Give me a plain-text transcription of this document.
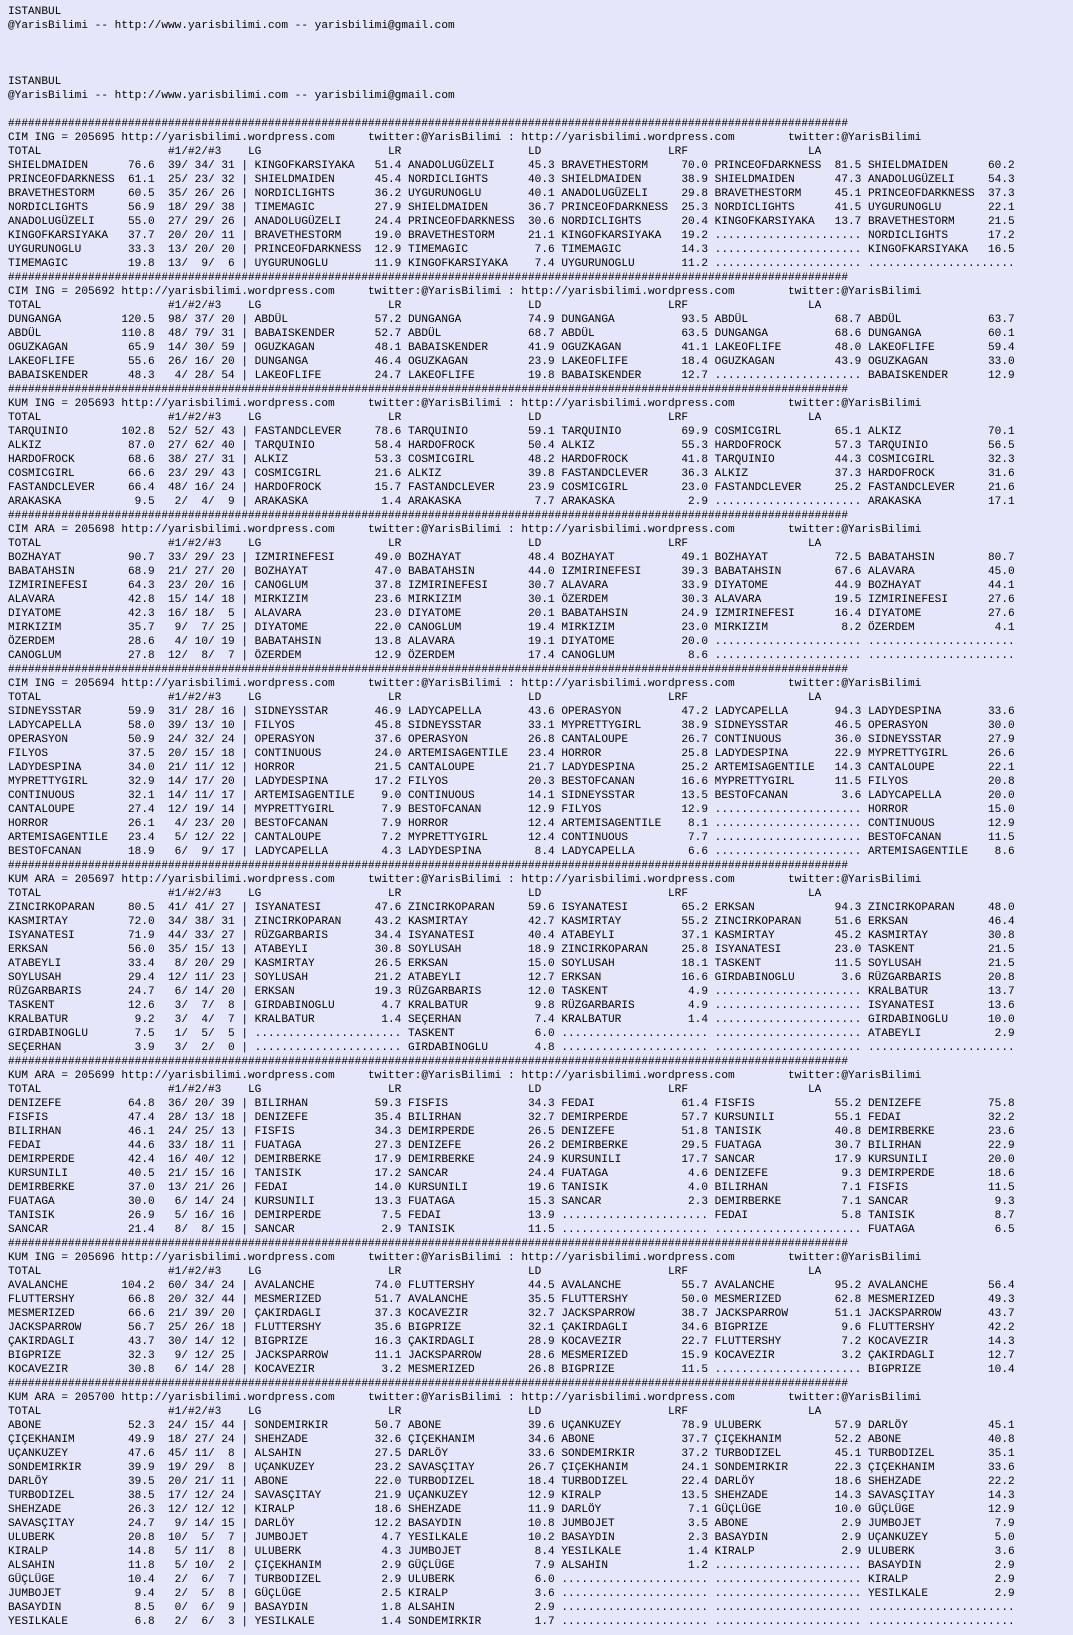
ISTANBUL
@YarisBilimi -- http://www.yarisbilimi.com -- yarisbilimi@gmail.com
ISTANBUL
@YarisBilimi -- http://www.yarisbilimi.com -- yarisbilimi@gmail.com
##############################################################################################################################
CIM ING = 205695 http://yarisbilimi.wordpress.com     twitter:@YarisBilimi : http://yarisbilimi.wordpress.com        twitter:@YarisBilimi
TOTAL                   #1/#2/#3    LG                   LR                   LD                   LRF                  LA
SHIELDMAIDEN      76.6  39/ 34/ 31 | KINGOFKARSIYAKA   51.4 ANADOLUGÜZELI     45.3 BRAVETHESTORM     70.0 PRINCEOFDARKNESS  81.5 SHIELDMAIDEN      60.2
PRINCEOFDARKNESS  61.1  25/ 23/ 32 | SHIELDMAIDEN      45.4 NORDICLIGHTS      40.3 SHIELDMAIDEN      38.9 SHIELDMAIDEN      47.3 ANADOLUGÜZELI     54.3
BRAVETHESTORM     60.5  35/ 26/ 26 | NORDICLIGHTS      36.2 UYGURUNOGLU       40.1 ANADOLUGÜZELI     29.8 BRAVETHESTORM     45.1 PRINCEOFDARKNESS  37.3
NORDICLIGHTS      56.9  18/ 29/ 38 | TIMEMAGIC         27.9 SHIELDMAIDEN      36.7 PRINCEOFDARKNESS  25.3 NORDICLIGHTS      41.5 UYGURUNOGLU       22.1
ANADOLUGÜZELI     55.0  27/ 29/ 26 | ANADOLUGÜZELI     24.4 PRINCEOFDARKNESS  30.6 NORDICLIGHTS      20.4 KINGOFKARSIYAKA   13.7 BRAVETHESTORM     21.5
KINGOFKARSIYAKA   37.7  20/ 20/ 11 | BRAVETHESTORM     19.0 BRAVETHESTORM     21.1 KINGOFKARSIYAKA   19.2 ...................... NORDICLIGHTS      17.2
UYGURUNOGLU       33.3  13/ 20/ 20 | PRINCEOFDARKNESS  12.9 TIMEMAGIC          7.6 TIMEMAGIC         14.3 ...................... KINGOFKARSIYAKA   16.5
TIMEMAGIC         19.8  13/  9/  6 | UYGURUNOGLU       11.9 KINGOFKARSIYAKA    7.4 UYGURUNOGLU       11.2 ...................... ......................
##############################################################################################################################
CIM ING = 205692 http://yarisbilimi.wordpress.com     twitter:@YarisBilimi : http://yarisbilimi.wordpress.com        twitter:@YarisBilimi
TOTAL                   #1/#2/#3    LG                   LR                   LD                   LRF                  LA
DUNGANGA         120.5  98/ 37/ 20 | ABDÜL             57.2 DUNGANGA          74.9 DUNGANGA          93.5 ABDÜL             68.7 ABDÜL             63.7
ABDÜL            110.8  48/ 79/ 31 | BABAISKENDER      52.7 ABDÜL             68.7 ABDÜL             63.5 DUNGANGA          68.6 DUNGANGA          60.1
OGUZKAGAN         65.9  14/ 30/ 59 | OGUZKAGAN         48.1 BABAISKENDER      41.9 OGUZKAGAN         41.1 LAKEOFLIFE        48.0 LAKEOFLIFE        59.4
LAKEOFLIFE        55.6  26/ 16/ 20 | DUNGANGA          46.4 OGUZKAGAN         23.9 LAKEOFLIFE        18.4 OGUZKAGAN         43.9 OGUZKAGAN         33.0
BABAISKENDER      48.3   4/ 28/ 54 | LAKEOFLIFE        24.7 LAKEOFLIFE        19.8 BABAISKENDER      12.7 ...................... BABAISKENDER      12.9
##############################################################################################################################
KUM ING = 205693 http://yarisbilimi.wordpress.com     twitter:@YarisBilimi : http://yarisbilimi.wordpress.com        twitter:@YarisBilimi
TOTAL                   #1/#2/#3    LG                   LR                   LD                   LRF                  LA
TARQUINIO        102.8  52/ 52/ 43 | FASTANDCLEVER     78.6 TARQUINIO         59.1 TARQUINIO         69.9 COSMICGIRL        65.1 ALKIZ             70.1
ALKIZ             87.0  27/ 62/ 40 | TARQUINIO         58.4 HARDOFROCK        50.4 ALKIZ             55.3 HARDOFROCK        57.3 TARQUINIO         56.5
HARDOFROCK        68.6  38/ 27/ 31 | ALKIZ             53.3 COSMICGIRL        48.2 HARDOFROCK        41.8 TARQUINIO         44.3 COSMICGIRL        32.3
COSMICGIRL        66.6  23/ 29/ 43 | COSMICGIRL        21.6 ALKIZ             39.8 FASTANDCLEVER     36.3 ALKIZ             37.3 HARDOFROCK        31.6
FASTANDCLEVER     66.4  48/ 16/ 24 | HARDOFROCK        15.7 FASTANDCLEVER     23.9 COSMICGIRL        23.0 FASTANDCLEVER     25.2 FASTANDCLEVER     21.6
ARAKASKA           9.5   2/  4/  9 | ARAKASKA           1.4 ARAKASKA           7.7 ARAKASKA           2.9 ...................... ARAKASKA          17.1
##############################################################################################################################
CIM ARA = 205698 http://yarisbilimi.wordpress.com     twitter:@YarisBilimi : http://yarisbilimi.wordpress.com        twitter:@YarisBilimi
TOTAL                   #1/#2/#3    LG                   LR                   LD                   LRF                  LA
BOZHAYAT          90.7  33/ 29/ 23 | IZMIRINEFESI      49.0 BOZHAYAT          48.4 BOZHAYAT          49.1 BOZHAYAT          72.5 BABATAHSIN        80.7
BABATAHSIN        68.9  21/ 27/ 20 | BOZHAYAT          47.0 BABATAHSIN        44.0 IZMIRINEFESI      39.3 BABATAHSIN        67.6 ALAVARA           45.0
IZMIRINEFESI      64.3  23/ 20/ 16 | CANOGLUM          37.8 IZMIRINEFESI      30.7 ALAVARA           33.9 DIYATOME          44.9 BOZHAYAT          44.1
ALAVARA           42.8  15/ 14/ 18 | MIRKIZIM          23.6 MIRKIZIM          30.1 ÖZERDEM           30.3 ALAVARA           19.5 IZMIRINEFESI      27.6
DIYATOME          42.3  16/ 18/  5 | ALAVARA           23.0 DIYATOME          20.1 BABATAHSIN        24.9 IZMIRINEFESI      16.4 DIYATOME          27.6
MIRKIZIM          35.7   9/  7/ 25 | DIYATOME          22.0 CANOGLUM          19.4 MIRKIZIM          23.0 MIRKIZIM           8.2 ÖZERDEM            4.1
ÖZERDEM           28.6   4/ 10/ 19 | BABATAHSIN        13.8 ALAVARA           19.1 DIYATOME          20.0 ...................... ......................
CANOGLUM          27.8  12/  8/  7 | ÖZERDEM           12.9 ÖZERDEM           17.4 CANOGLUM           8.6 ...................... ......................
##############################################################################################################################
CIM ING = 205694 http://yarisbilimi.wordpress.com     twitter:@YarisBilimi : http://yarisbilimi.wordpress.com        twitter:@YarisBilimi
TOTAL                   #1/#2/#3    LG                   LR                   LD                   LRF                  LA
SIDNEYSSTAR       59.9  31/ 28/ 16 | SIDNEYSSTAR       46.9 LADYCAPELLA       43.6 OPERASYON         47.2 LADYCAPELLA       94.3 LADYDESPINA       33.6
LADYCAPELLA       58.0  39/ 13/ 10 | FILYOS            45.8 SIDNEYSSTAR       33.1 MYPRETTYGIRL      38.9 SIDNEYSSTAR       46.5 OPERASYON         30.0
OPERASYON         50.9  24/ 32/ 24 | OPERASYON         37.6 OPERASYON         26.8 CANTALOUPE        26.7 CONTINUOUS        36.0 SIDNEYSSTAR       27.9
FILYOS            37.5  20/ 15/ 18 | CONTINUOUS        24.0 ARTEMISAGENTILE   23.4 HORROR            25.8 LADYDESPINA       22.9 MYPRETTYGIRL      26.6
LADYDESPINA       34.0  21/ 11/ 12 | HORROR            21.5 CANTALOUPE        21.7 LADYDESPINA       25.2 ARTEMISAGENTILE   14.3 CANTALOUPE        22.1
MYPRETTYGIRL      32.9  14/ 17/ 20 | LADYDESPINA       17.2 FILYOS            20.3 BESTOFCANAN       16.6 MYPRETTYGIRL      11.5 FILYOS            20.8
CONTINUOUS        32.1  14/ 11/ 17 | ARTEMISAGENTILE    9.0 CONTINUOUS        14.1 SIDNEYSSTAR       13.5 BESTOFCANAN        3.6 LADYCAPELLA       20.0
CANTALOUPE        27.4  12/ 19/ 14 | MYPRETTYGIRL       7.9 BESTOFCANAN       12.9 FILYOS            12.9 ...................... HORROR            15.0
HORROR            26.1   4/ 23/ 20 | BESTOFCANAN        7.9 HORROR            12.4 ARTEMISAGENTILE    8.1 ...................... CONTINUOUS        12.9
ARTEMISAGENTILE   23.4   5/ 12/ 22 | CANTALOUPE         7.2 MYPRETTYGIRL      12.4 CONTINUOUS         7.7 ...................... BESTOFCANAN       11.5
BESTOFCANAN       18.9   6/  9/ 17 | LADYCAPELLA        4.3 LADYDESPINA        8.4 LADYCAPELLA        6.6 ...................... ARTEMISAGENTILE    8.6
##############################################################################################################################
KUM ARA = 205697 http://yarisbilimi.wordpress.com     twitter:@YarisBilimi : http://yarisbilimi.wordpress.com        twitter:@YarisBilimi
TOTAL                   #1/#2/#3    LG                   LR                   LD                   LRF                  LA
ZINCIRKOPARAN     80.5  41/ 41/ 27 | ISYANATESI        47.6 ZINCIRKOPARAN     59.6 ISYANATESI        65.2 ERKSAN            94.3 ZINCIRKOPARAN     48.0
KASMIRTAY         72.0  34/ 38/ 31 | ZINCIRKOPARAN     43.2 KASMIRTAY         42.7 KASMIRTAY         55.2 ZINCIRKOPARAN     51.6 ERKSAN            46.4
ISYANATESI        71.9  44/ 33/ 27 | RÜZGARBARIS       34.4 ISYANATESI        40.4 ATABEYLI          37.1 KASMIRTAY         45.2 KASMIRTAY         30.8
ERKSAN            56.0  35/ 15/ 13 | ATABEYLI          30.8 SOYLUSAH          18.9 ZINCIRKOPARAN     25.8 ISYANATESI        23.0 TASKENT           21.5
ATABEYLI          33.4   8/ 20/ 29 | KASMIRTAY         26.5 ERKSAN            15.0 SOYLUSAH          18.1 TASKENT           11.5 SOYLUSAH          21.5
SOYLUSAH          29.4  12/ 11/ 23 | SOYLUSAH          21.2 ATABEYLI          12.7 ERKSAN            16.6 GIRDABINOGLU       3.6 RÜZGARBARIS       20.8
RÜZGARBARIS       24.7   6/ 14/ 20 | ERKSAN            19.3 RÜZGARBARIS       12.0 TASKENT            4.9 ...................... KRALBATUR         13.7
TASKENT           12.6   3/  7/  8 | GIRDABINOGLU       4.7 KRALBATUR          9.8 RÜZGARBARIS        4.9 ...................... ISYANATESI        13.6
KRALBATUR          9.2   3/  4/  7 | KRALBATUR          1.4 SEÇERHAN           7.4 KRALBATUR          1.4 ...................... GIRDABINOGLU      10.0
GIRDABINOGLU       7.5   1/  5/  5 | ...................... TASKENT            6.0 ...................... ...................... ATABEYLI           2.9
SEÇERHAN           3.9   3/  2/  0 | ...................... GIRDABINOGLU       4.8 ...................... ...................... ......................
##############################################################################################################################
KUM ARA = 205699 http://yarisbilimi.wordpress.com     twitter:@YarisBilimi : http://yarisbilimi.wordpress.com        twitter:@YarisBilimi
TOTAL                   #1/#2/#3    LG                   LR                   LD                   LRF                  LA
DENIZEFE          64.8  36/ 20/ 39 | BILIRHAN          59.3 FISFIS            34.3 FEDAI             61.4 FISFIS            55.2 DENIZEFE          75.8
FISFIS            47.4  28/ 13/ 18 | DENIZEFE          35.4 BILIRHAN          32.7 DEMIRPERDE        57.7 KURSUNILI         55.1 FEDAI             32.2
BILIRHAN          46.1  24/ 25/ 13 | FISFIS            34.3 DEMIRPERDE        26.5 DENIZEFE          51.8 TANISIK           40.8 DEMIRBERKE        23.6
FEDAI             44.6  33/ 18/ 11 | FUATAGA           27.3 DENIZEFE          26.2 DEMIRBERKE        29.5 FUATAGA           30.7 BILIRHAN          22.9
DEMIRPERDE        42.4  16/ 40/ 12 | DEMIRBERKE        17.9 DEMIRBERKE        24.9 KURSUNILI         17.7 SANCAR            17.9 KURSUNILI         20.0
KURSUNILI         40.5  21/ 15/ 16 | TANISIK           17.2 SANCAR            24.4 FUATAGA            4.6 DENIZEFE           9.3 DEMIRPERDE        18.6
DEMIRBERKE        37.0  13/ 21/ 26 | FEDAI             14.0 KURSUNILI         19.6 TANISIK            4.0 BILIRHAN           7.1 FISFIS            11.5
FUATAGA           30.0   6/ 14/ 24 | KURSUNILI         13.3 FUATAGA           15.3 SANCAR             2.3 DEMIRBERKE         7.1 SANCAR             9.3
TANISIK           26.9   5/ 16/ 16 | DEMIRPERDE         7.5 FEDAI             13.9 ...................... FEDAI              5.8 TANISIK            8.7
SANCAR            21.4   8/  8/ 15 | SANCAR             2.9 TANISIK           11.5 ...................... ...................... FUATAGA            6.5
##############################################################################################################################
KUM ING = 205696 http://yarisbilimi.wordpress.com     twitter:@YarisBilimi : http://yarisbilimi.wordpress.com        twitter:@YarisBilimi
TOTAL                   #1/#2/#3    LG                   LR                   LD                   LRF                  LA
AVALANCHE        104.2  60/ 34/ 24 | AVALANCHE         74.0 FLUTTERSHY        44.5 AVALANCHE         55.7 AVALANCHE         95.2 AVALANCHE         56.4
FLUTTERSHY        66.8  20/ 32/ 44 | MESMERIZED        51.7 AVALANCHE         35.5 FLUTTERSHY        50.0 MESMERIZED        62.8 MESMERIZED        49.3
MESMERIZED        66.6  21/ 39/ 20 | ÇAKIRDAGLI        37.3 KOCAVEZIR         32.7 JACKSPARROW       38.7 JACKSPARROW       51.1 JACKSPARROW       43.7
JACKSPARROW       56.7  25/ 26/ 18 | FLUTTERSHY        35.6 BIGPRIZE          32.1 ÇAKIRDAGLI        34.6 BIGPRIZE           9.6 FLUTTERSHY        42.2
ÇAKIRDAGLI        43.7  30/ 14/ 12 | BIGPRIZE          16.3 ÇAKIRDAGLI        28.9 KOCAVEZIR         22.7 FLUTTERSHY         7.2 KOCAVEZIR         14.3
BIGPRIZE          32.3   9/ 12/ 25 | JACKSPARROW       11.1 JACKSPARROW       28.6 MESMERIZED        15.9 KOCAVEZIR          3.2 ÇAKIRDAGLI        12.7
KOCAVEZIR         30.8   6/ 14/ 28 | KOCAVEZIR          3.2 MESMERIZED        26.8 BIGPRIZE          11.5 ...................... BIGPRIZE          10.4
##############################################################################################################################
KUM ARA = 205700 http://yarisbilimi.wordpress.com     twitter:@YarisBilimi : http://yarisbilimi.wordpress.com        twitter:@YarisBilimi
TOTAL                   #1/#2/#3    LG                   LR                   LD                   LRF                  LA
ABONE             52.3  24/ 15/ 44 | SONDEMIRKIR       50.7 ABONE             39.6 UÇANKUZEY         78.9 ULUBERK           57.9 DARLÖY            45.1
ÇIÇEKHANIM        49.9  18/ 27/ 24 | SHEHZADE          32.6 ÇIÇEKHANIM        34.6 ABONE             37.7 ÇIÇEKHANIM        52.2 ABONE             40.8
UÇANKUZEY         47.6  45/ 11/  8 | ALSAHIN           27.5 DARLÖY            33.6 SONDEMIRKIR       37.2 TURBODIZEL        45.1 TURBODIZEL        35.1
SONDEMIRKIR       39.9  19/ 29/  8 | UÇANKUZEY         23.2 SAVASÇITAY        26.7 ÇIÇEKHANIM        24.1 SONDEMIRKIR       22.3 ÇIÇEKHANIM        33.6
DARLÖY            39.5  20/ 21/ 11 | ABONE             22.0 TURBODIZEL        18.4 TURBODIZEL        22.4 DARLÖY            18.6 SHEHZADE          22.2
TURBODIZEL        38.5  17/ 12/ 24 | SAVASÇITAY        21.9 UÇANKUZEY         12.9 KIRALP            13.5 SHEHZADE          14.3 SAVASÇITAY        14.3
SHEHZADE          26.3  12/ 12/ 12 | KIRALP            18.6 SHEHZADE          11.9 DARLÖY             7.1 GÜÇLÜGE           10.0 GÜÇLÜGE           12.9
SAVASÇITAY        24.7   9/ 14/ 15 | DARLÖY            12.2 BASAYDIN          10.8 JUMBOJET           3.5 ABONE              2.9 JUMBOJET           7.9
ULUBERK           20.8  10/  5/  7 | JUMBOJET           4.7 YESILKALE         10.2 BASAYDIN           2.3 BASAYDIN           2.9 UÇANKUZEY          5.0
KIRALP            14.8   5/ 11/  8 | ULUBERK            4.3 JUMBOJET           8.4 YESILKALE          1.4 KIRALP             2.9 ULUBERK            3.6
ALSAHIN           11.8   5/ 10/  2 | ÇIÇEKHANIM         2.9 GÜÇLÜGE            7.9 ALSAHIN            1.2 ...................... BASAYDIN           2.9
GÜÇLÜGE           10.4   2/  6/  7 | TURBODIZEL         2.9 ULUBERK            6.0 ...................... ...................... KIRALP             2.9
JUMBOJET           9.4   2/  5/  8 | GÜÇLÜGE            2.5 KIRALP             3.6 ...................... ...................... YESILKALE          2.9
BASAYDIN           8.5   0/  6/  9 | BASAYDIN           1.8 ALSAHIN            2.9 ...................... ...................... ......................
YESILKALE          6.8   2/  6/  3 | YESILKALE          1.4 SONDEMIRKIR        1.7 ...................... ...................... ......................
